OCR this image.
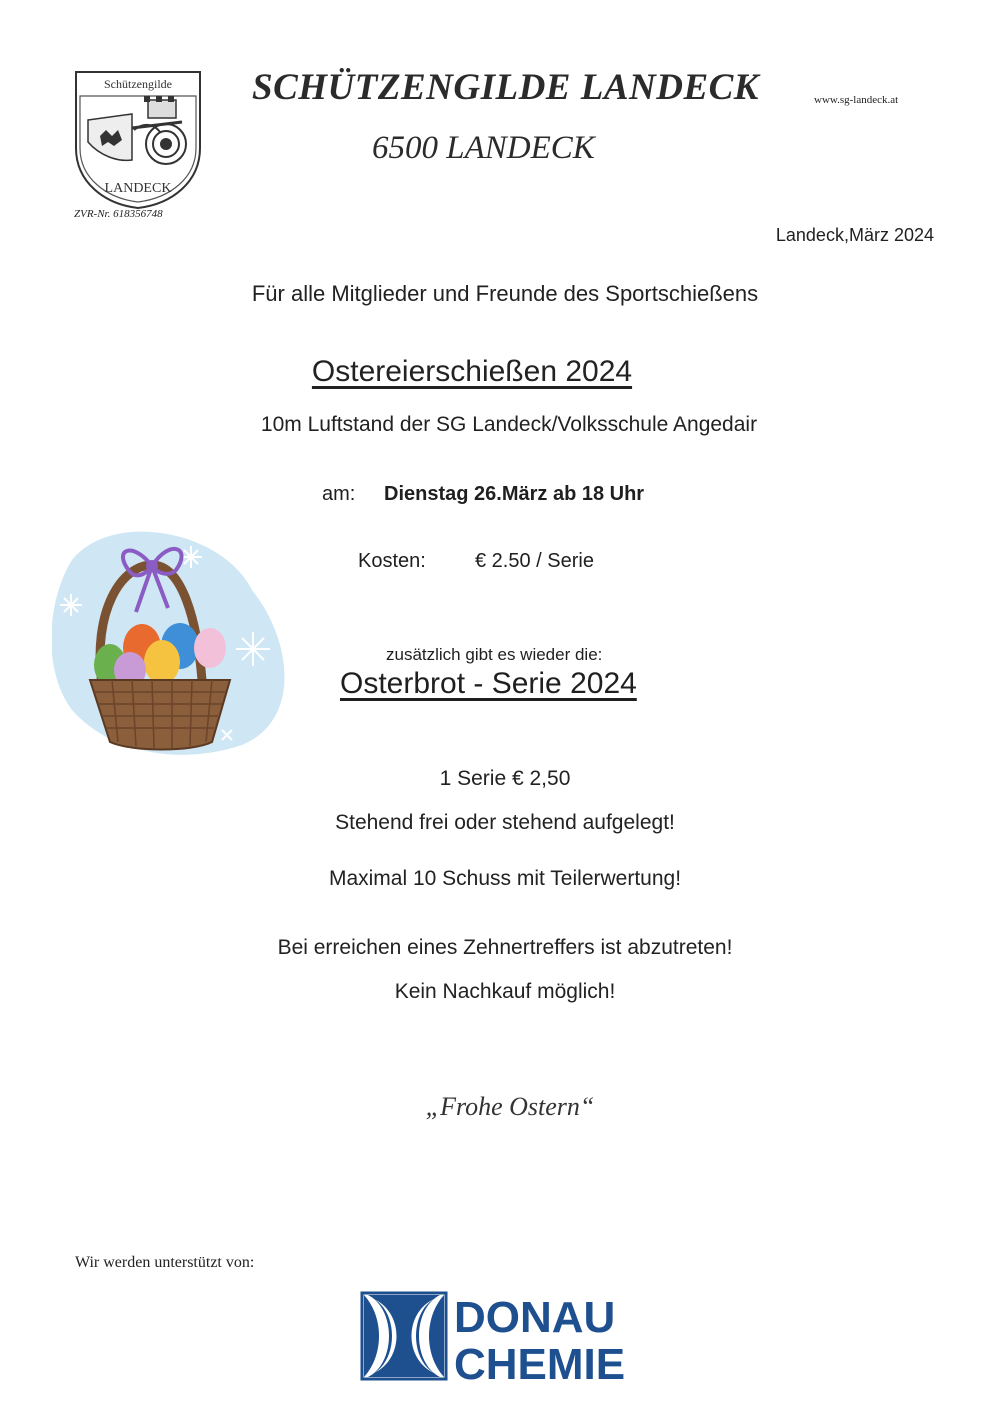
Schützengilde
LANDECK
ZVR-Nr. 618356748
SCHÜTZENGILDE LANDECK	www.sg-landeck.at
6500 LANDECK
Landeck,März 2024
Für alle Mitglieder und Freunde des Sportschießens
Ostereierschießen 2024
10m Luftstand der SG Landeck/Volksschule Angedair
am: Dienstag 26.März ab 18 Uhr
Kosten: € 2.50 / Serie
zusätzlich gibt es wieder die:
Osterbrot - Serie 2024
1 Serie € 2,50
Stehend frei oder stehend aufgelegt!
Maximal 10 Schuss mit Teilerwertung!
Bei erreichen eines Zehnertreffers ist abzutreten!
Kein Nachkauf möglich!
„Frohe Ostern“
Wir werden unterstützt von:
DONAU
CHEMIE
